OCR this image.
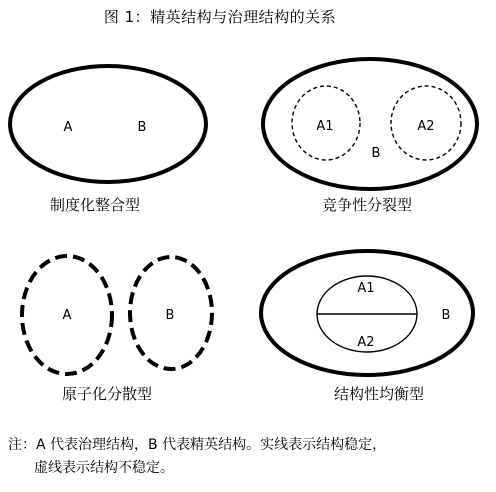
图 1：精英结构与治理结构的关系
A	B
制度化整合型
A1	A2
B
竞争性分裂型
A	B
原子化分散型
A1
A2
B
结构性均衡型
注：A 代表治理结构，B 代表精英结构。实线表示结构稳定，
虚线表示结构不稳定。
